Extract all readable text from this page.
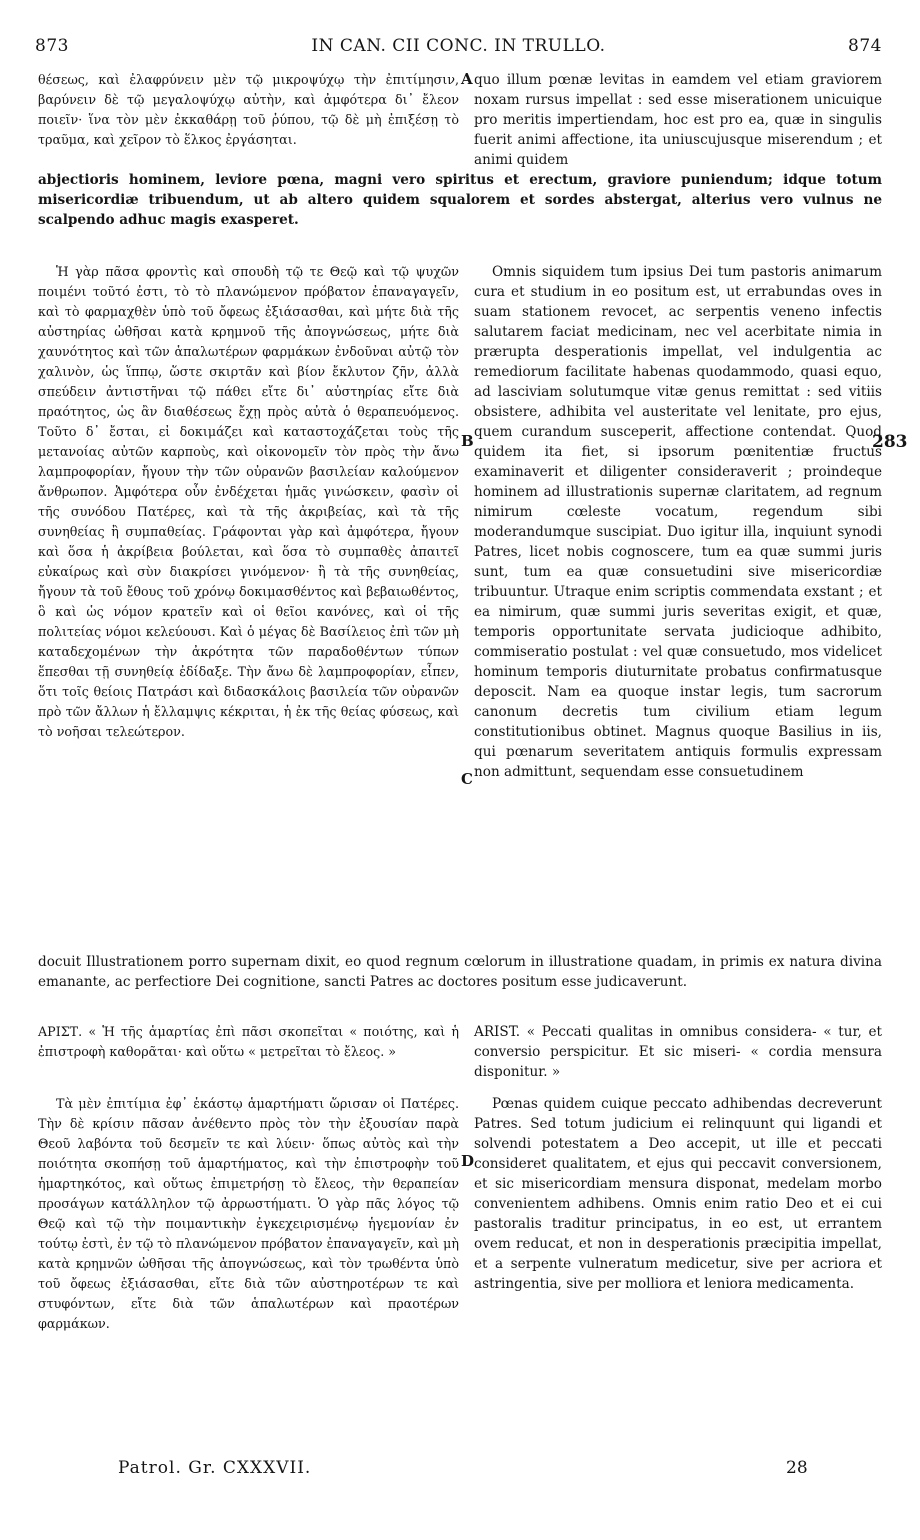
873	IN CAN. CII CONC. IN TRULLO.	874

θέσεως, καὶ ἐλαφρύνειν μὲν τῷ μικροψύχῳ τὴν ἐπιτίμησιν, βαρύνειν δὲ τῷ μεγαλοψύχῳ αὐτὴν, καὶ ἀμφότερα δι᾽ ἔλεον ποιεῖν· ἵνα τὸν μὲν ἐκκαθάρῃ τοῦ ῥύπου, τῷ δὲ μὴ ἐπιξέσῃ τὸ τραῦμα, καὶ χεῖρον τὸ ἕλκος ἐργάσηται.

quo illum pœnæ levitas in eamdem vel etiam graviorem noxam rursus impellat : sed esse miserationem unicuique pro meritis impertiendam, hoc est pro ea, quæ in singulis fuerit animi affectione, ita uniuscujusque miserendum ; et animi quidem

abjectioris hominem, leviore pœna, magni vero spiritus et erectum, graviore puniendum; idque totum misericordiæ tribuendum, ut ab altero quidem squalorem et sordes abstergat, alterius vero vulnus ne scalpendo adhuc magis exasperet.

Ἡ γὰρ πᾶσα φροντὶς καὶ σπουδὴ τῷ τε Θεῷ καὶ τῷ ψυχῶν ποιμένι τοῦτό ἐστι, τὸ τὸ πλανώμενον πρόβατον ἐπαναγαγεῖν, καὶ τὸ φαρμαχθὲν ὑπὸ τοῦ ὄφεως ἐξιάσασθαι, καὶ μήτε διὰ τῆς αὐστηρίας ὠθῆσαι κατὰ κρημνοῦ τῆς ἀπογνώσεως, μήτε διὰ χαυνότητος καὶ τῶν ἁπαλωτέρων φαρμάκων ἐνδοῦναι αὐτῷ τὸν χαλινὸν, ὡς ἵππῳ, ὥστε σκιρτᾶν καὶ βίον ἔκλυτον ζῆν, ἀλλὰ σπεύδειν ἀντιστῆναι τῷ πάθει εἴτε δι᾽ αὐστηρίας εἴτε διὰ πραότητος, ὡς ἂν διαθέσεως ἔχῃ πρὸς αὐτὰ ὁ θεραπευόμενος. Τοῦτο δ᾽ ἔσται, εἰ δοκιμάζει καὶ καταστοχάζεται τοὺς τῆς μετανοίας αὐτῶν καρποὺς, καὶ οἰκονομεῖν τὸν πρὸς τὴν ἄνω λαμπροφορίαν, ἤγουν τὴν τῶν οὐρανῶν βασιλείαν καλούμενον ἄνθρωπον. Ἀμφότερα οὖν ἐνδέχεται ἡμᾶς γινώσκειν, φασὶν οἱ τῆς συνόδου Πατέρες, καὶ τὰ τῆς ἀκριβείας, καὶ τὰ τῆς συνηθείας ἢ συμπαθείας. Γράφονται γὰρ καὶ ἀμφότερα, ἤγουν καὶ ὅσα ἡ ἀκρίβεια βούλεται, καὶ ὅσα τὸ συμπαθὲς ἀπαιτεῖ εὐκαίρως καὶ σὺν διακρίσει γινόμενον· ἢ τὰ τῆς συνηθείας, ἤγουν τὰ τοῦ ἔθους τοῦ χρόνῳ δοκιμασθέντος καὶ βεβαιωθέντος, ὃ καὶ ὡς νόμον κρατεῖν καὶ οἱ θεῖοι κανόνες, καὶ οἱ τῆς πολιτείας νόμοι κελεύουσι. Καὶ ὁ μέγας δὲ Βασίλειος ἐπὶ τῶν μὴ καταδεχομένων τὴν ἀκρότητα τῶν παραδοθέντων τύπων ἕπεσθαι τῇ συνηθείᾳ ἐδίδαξε. Τὴν ἄνω δὲ λαμπροφορίαν, εἶπεν, ὅτι τοῖς θείοις Πατράσι καὶ διδασκάλοις βασιλεία τῶν οὐρανῶν πρὸ τῶν ἄλλων ἡ ἔλλαμψις κέκριται, ἡ ἐκ τῆς θείας φύσεως, καὶ τὸ νοῆσαι τελεώτερον.

Omnis siquidem tum ipsius Dei tum pastoris animarum cura et studium in eo positum est, ut errabundas oves in suam stationem revocet, ac serpentis veneno infectis salutarem faciat medicinam, nec vel acerbitate nimia in prærupta desperationis impellat, vel indulgentia ac remediorum facilitate habenas quodammodo, quasi equo, ad lasciviam solutumque vitæ genus remittat : sed vitiis obsistere, adhibita vel austeritate vel lenitate, pro ejus, quem curandum susceperit, affectione contendat. Quod quidem ita fiet, si ipsorum pœnitentiæ fructus examinaverit et diligenter consideraverit ; proindeque hominem ad illustrationis supernæ claritatem, ad regnum nimirum cœleste vocatum, regendum sibi moderandumque suscipiat. Duo igitur illa, inquiunt synodi Patres, licet nobis cognoscere, tum ea quæ summi juris sunt, tum ea quæ consuetudini sive misericordiæ tribuuntur. Utraque enim scriptis commendata exstant ; et ea nimirum, quæ summi juris severitas exigit, et quæ, temporis opportunitate servata judicioque adhibito, commiseratio postulat : vel quæ consuetudo, mos videlicet hominum temporis diuturnitate probatus confirmatusque deposcit. Nam ea quoque instar legis, tum sacrorum canonum decretis tum civilium etiam legum constitutionibus obtinet. Magnus quoque Basilius in iis, qui pœnarum severitatem antiquis formulis expressam non admittunt, sequendam esse consuetudinem

docuit Illustrationem porro supernam dixit, eo quod regnum cœlorum in illustratione quadam, in primis ex natura divina emanante, ac perfectiore Dei cognitione, sancti Patres ac doctores positum esse judicaverunt.

ΑΡΙΣΤ. « Ἡ τῆς ἁμαρτίας ἐπὶ πᾶσι σκοπεῖται « ποιότης, καὶ ἡ ἐπιστροφὴ καθορᾶται· καὶ οὕτω « μετρεῖται τὸ ἔλεος. »

ARIST. « Peccati qualitas in omnibus considera- « tur, et conversio perspicitur. Et sic miseri- « cordia mensura disponitur. »

Τὰ μὲν ἐπιτίμια ἐφ᾽ ἑκάστῳ ἁμαρτήματι ὥρισαν οἱ Πατέρες. Τὴν δὲ κρίσιν πᾶσαν ἀνέθεντο πρὸς τὸν τὴν ἐξουσίαν παρὰ Θεοῦ λαβόντα τοῦ δεσμεῖν τε καὶ λύειν· ὅπως αὐτὸς καὶ τὴν ποιότητα σκοπήσῃ τοῦ ἁμαρτήματος, καὶ τὴν ἐπιστροφὴν τοῦ ἡμαρτηκότος, καὶ οὕτως ἐπιμετρήσῃ τὸ ἔλεος, τὴν θεραπείαν προσάγων κατάλληλον τῷ ἀρρωστήματι. Ὁ γὰρ πᾶς λόγος τῷ Θεῷ καὶ τῷ τὴν ποιμαντικὴν ἐγκεχειρισμένῳ ἡγεμονίαν ἐν τούτῳ ἐστὶ, ἐν τῷ τὸ πλανώμενον πρόβατον ἐπαναγαγεῖν, καὶ μὴ κατὰ κρημνῶν ὠθῆσαι τῆς ἀπογνώσεως, καὶ τὸν τρωθέντα ὑπὸ τοῦ ὄφεως ἐξιάσασθαι, εἴτε διὰ τῶν αὐστηροτέρων τε καὶ στυφόντων, εἴτε διὰ τῶν ἁπαλωτέρων καὶ πραοτέρων φαρμάκων.

Pœnas quidem cuique peccato adhibendas decreverunt Patres. Sed totum judicium ei relinquunt qui ligandi et solvendi potestatem a Deo accepit, ut ille et peccati consideret qualitatem, et ejus qui peccavit conversionem, et sic misericordiam mensura disponat, medelam morbo convenientem adhibens. Omnis enim ratio Deo et ei cui pastoralis traditur principatus, in eo est, ut errantem ovem reducat, et non in desperationis præcipitia impellat, et a serpente vulneratum medicetur, sive per acriora et astringentia, sive per molliora et leniora medicamenta.

A
B
C
D
283
Patrol. Gr. CXXXVII.	28
